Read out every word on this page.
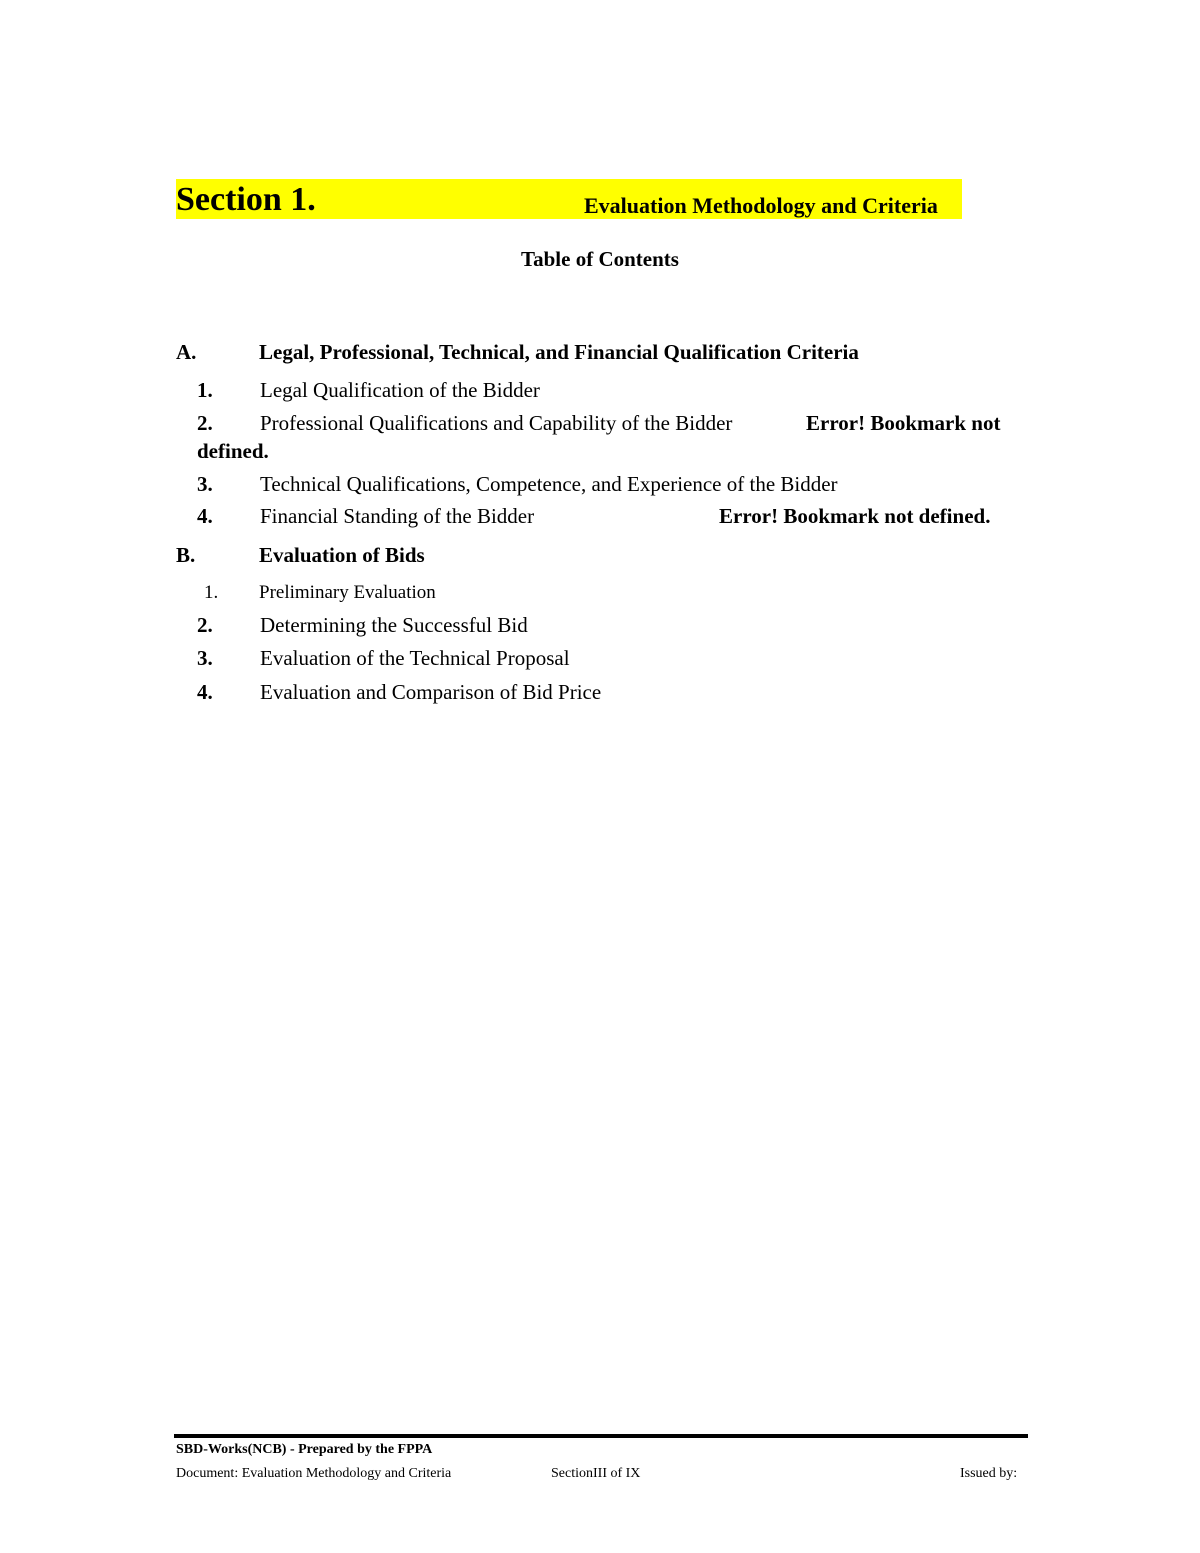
Section 1.	Evaluation Methodology and Criteria
Table of Contents
A.	Legal, Professional, Technical, and Financial Qualification Criteria
1. Legal Qualification of the Bidder
2. Professional Qualifications and Capability of the Bidder	Error! Bookmark not
defined.
3. Technical Qualifications, Competence, and Experience of the Bidder
4. Financial Standing of the Bidder	Error! Bookmark not defined.
B.	Evaluation of Bids
1. Preliminary Evaluation
2. Determining the Successful Bid
3. Evaluation of the Technical Proposal
4. Evaluation and Comparison of Bid Price
SBD-Works(NCB) - Prepared by the FPPA
Document: Evaluation Methodology and Criteria	SectionIII of IX	Issued by:
